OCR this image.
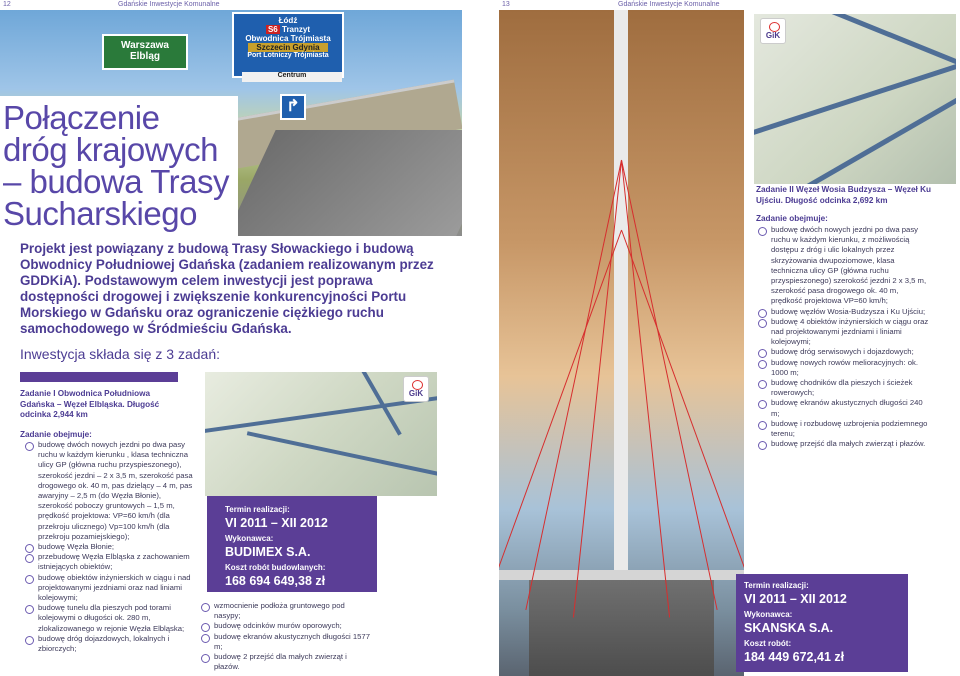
12	Gdańskie Inwestycje Komunalne
Warszawa
Elbląg
Łódź
S6 Tranzyt
Obwodnica Trójmiasta
Szczecin Gdynia
Port Lotniczy Trójmiasta
Centrum
↱
Połączenie
dróg krajowych
– budowa Trasy
Sucharskiego
Projekt jest powiązany z budową Trasy Słowackiego i budową Obwodnicy Południowej Gdańska (zadaniem realizowanym przez GDDKiA). Podstawowym celem inwestycji jest poprawa dostępności drogowej i zwiększenie konkurencyjności Portu Morskiego w Gdańsku oraz ograniczenie ciężkiego ruchu samochodowego w Śródmieściu Gdańska.
Inwestycja składa się z 3 zadań:
Zadanie I Obwodnica Południowa Gdańska – Węzeł Elbląska. Długość odcinka 2,944 km
Zadanie obejmuje:
budowę dwóch nowych jezdni po dwa pasy ruchu w każdym kierunku , klasa techniczna ulicy GP (główna ruchu przyspieszonego), szerokość jezdni – 2 x 3,5 m, szerokość pasa drogowego ok. 40 m, pas dzielący – 4 m, pas awaryjny – 2,5 m (do Węzła Błonie), szerokość poboczy gruntowych – 1,5 m, prędkość projektowa: VP=60 km/h (dla przekroju ulicznego) Vp=100 km/h (dla przekroju pozamiejskiego);
budowę Węzła Błonie;
przebudowę Węzła Elbląska z zachowaniem istniejących obiektów;
budowę obiektów inżynierskich w ciągu i nad projektowanymi jezdniami oraz nad liniami kolejowymi;
budowę tunelu dla pieszych pod torami kolejowymi o długości ok. 280 m, zlokalizowanego w rejonie Węzła Elbląska;
budowę dróg dojazdowych, lokalnych i zbiorczych;
GiK
wzmocnienie podłoża gruntowego pod nasypy;
budowę odcinków murów oporowych;
budowę ekranów akustycznych długości 1577 m;
budowę 2 przejść dla małych zwierząt i płazów.
Termin realizacji:
VI 2011 – XII 2012
Wykonawca:
BUDIMEX S.A.
Koszt robót budowlanych:
168 694 649,38 zł
13	Gdańskie Inwestycje Komunalne
GiK
Zadanie II Węzeł Wosia Budzysza – Węzeł Ku Ujściu. Długość odcinka 2,692 km
Zadanie obejmuje:
budowę dwóch nowych jezdni po dwa pasy ruchu w każdym kierunku, z możliwością dostępu z dróg i ulic lokalnych przez skrzyżowania dwupoziomowe, klasa techniczna ulicy GP (główna ruchu przyspieszonego) szerokość jezdni 2 x 3,5 m, szerokość pasa drogowego ok. 40 m, prędkość projektowa VP=60 km/h;
budowę węzłów Wosia-Budzysza i Ku Ujściu;
budowę 4 obiektów inżynierskich w ciągu oraz nad projektowanymi jezdniami i liniami kolejowymi;
budowę dróg serwisowych i dojazdowych;
budowę nowych rowów melioracyjnych: ok. 1000 m;
budowę chodników dla pieszych i ścieżek rowerowych;
budowę ekranów akustycznych długości 240 m;
budowę i rozbudowę uzbrojenia podziemnego terenu;
budowę przejść dla małych zwierząt i płazów.
Termin realizacji:
VI 2011 – XII 2012
Wykonawca:
SKANSKA S.A.
Koszt robót:
184 449 672,41 zł
